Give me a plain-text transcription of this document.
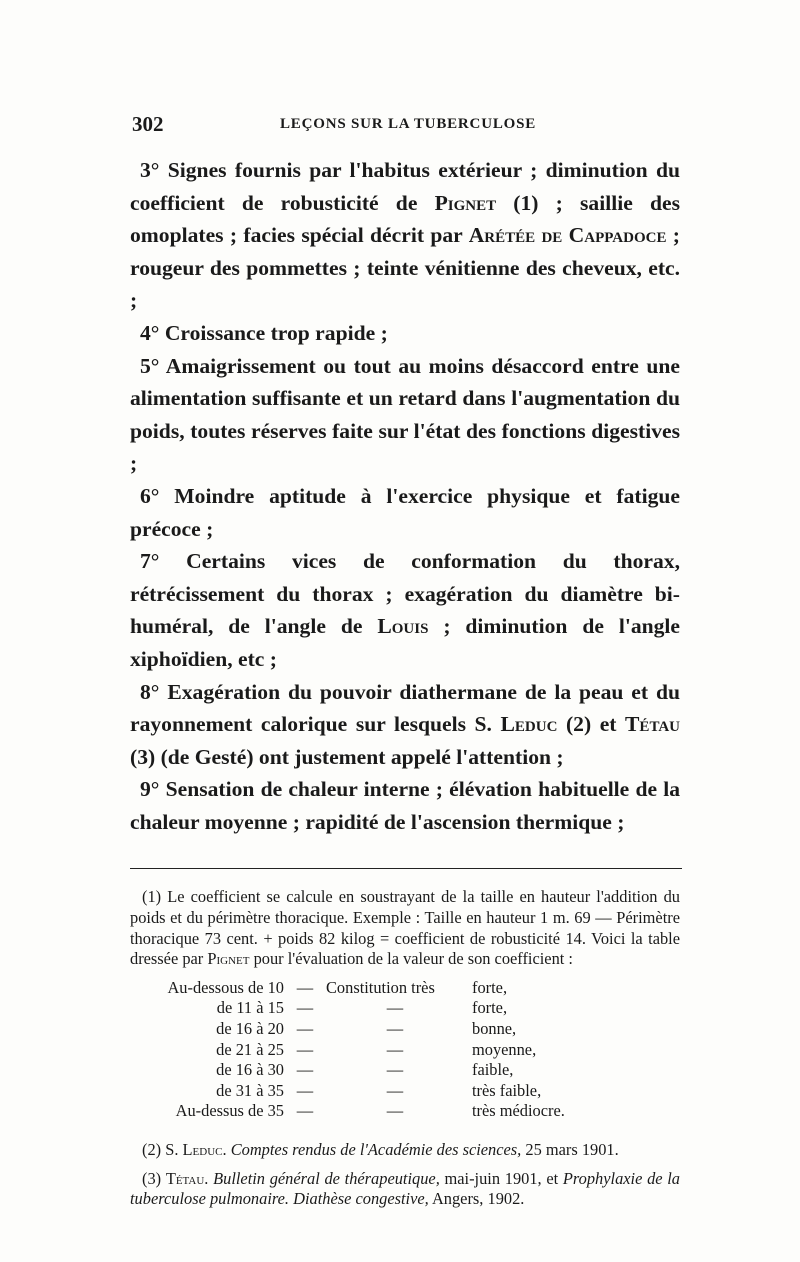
302	LEÇONS SUR LA TUBERCULOSE

3° Signes fournis par l'habitus extérieur ; diminution du coefficient de robusticité de Pignet (1) ; saillie des omoplates ; facies spécial décrit par Arétée de Cappadoce ; rougeur des pommettes ; teinte vénitienne des cheveux, etc. ;

4° Croissance trop rapide ;

5° Amaigrissement ou tout au moins désaccord entre une alimentation suffisante et un retard dans l'augmentation du poids, toutes réserves faite sur l'état des fonctions digestives ;

6° Moindre aptitude à l'exercice physique et fatigue précoce ;

7° Certains vices de conformation du thorax, rétrécissement du thorax ; exagération du diamètre bi-huméral, de l'angle de Louis ; diminution de l'angle xiphoïdien, etc ;

8° Exagération du pouvoir diathermane de la peau et du rayonnement calorique sur lesquels S. Leduc (2) et Tétau (3) (de Gesté) ont justement appelé l'attention ;

9° Sensation de chaleur interne ; élévation habituelle de la chaleur moyenne ; rapidité de l'ascension thermique ;

(1) Le coefficient se calcule en soustrayant de la taille en hauteur l'addition du poids et du périmètre thoracique. Exemple : Taille en hauteur 1 m. 69 — Périmètre thoracique 73 cent. + poids 82 kilog = coefficient de robusticité 14. Voici la table dressée par Pignet pour l'évaluation de la valeur de son coefficient :

Au-dessous de 10	—	Constitution très	forte,
de 11 à 15	—	—	forte,
de 16 à 20	—	—	bonne,
de 21 à 25	—	—	moyenne,
de 16 à 30	—	—	faible,
de 31 à 35	—	—	très faible,
Au-dessus de 35	—	—	très médiocre.

(2) S. Leduc. Comptes rendus de l'Académie des sciences, 25 mars 1901.

(3) Tétau. Bulletin général de thérapeutique, mai-juin 1901, et Prophylaxie de la tuberculose pulmonaire. Diathèse congestive, Angers, 1902.
